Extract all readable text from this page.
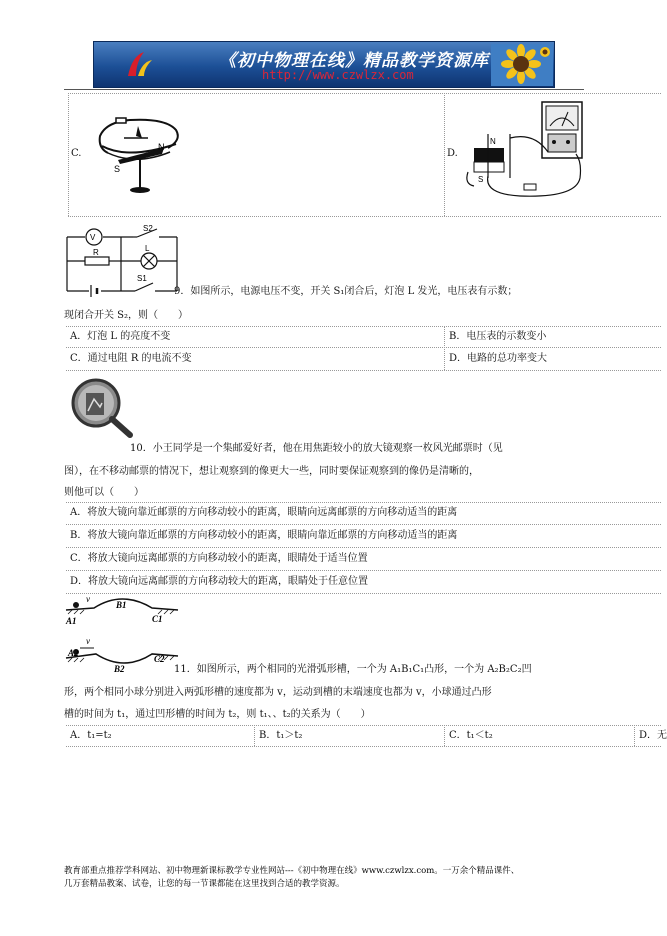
《初中物理在线》精品教学资源库
http://www.czwlzx.com
C.
N
S
D.
N
S
V
R	L
S2
S1
9．如图所示，电源电压不变，开关 S₁闭合后，灯泡 L 发光，电压表有示数；
现闭合开关 S₂，则（　　）
A．灯泡 L 的亮度不变	B．电压表的示数变小
C．通过电阻 R 的电流不变	D．电路的总功率变大
10．小王同学是一个集邮爱好者，他在用焦距较小的放大镜观察一枚风光邮票时（见
图），在不移动邮票的情况下，想让观察到的像更大一些，同时要保证观察到的像仍是清晰的，
则他可以（　　）
A．将放大镜向靠近邮票的方向移动较小的距离，眼睛向远离邮票的方向移动适当的距离
B．将放大镜向靠近邮票的方向移动较小的距离，眼睛向靠近邮票的方向移动适当的距离
C．将放大镜向远离邮票的方向移动较小的距离，眼睛处于适当位置
D．将放大镜向远离邮票的方向移动较大的距离，眼睛处于任意位置
v
A1
B1
C1
v
A2
B2
C2
11．如图所示，两个相同的光滑弧形槽，一个为 A₁B₁C₁凸形，一个为 A₂B₂C₂凹
形，两个相同小球分别进入两弧形槽的速度都为 v，运动到槽的末端速度也都为 v，小球通过凸形
槽的时间为 t₁，通过凹形槽的时间为 t₂，则 t₁、、t₂的关系为（　　）
A．t₁=t₂	B．t₁＞t₂	C．t₁＜t₂	D．无
教育部重点推荐学科网站、初中物理新课标教学专业性网站---《初中物理在线》www.czwlzx.com。一万余个精品课件、
几万套精品教案、试卷，让您的每一节课都能在这里找到合适的教学资源。
